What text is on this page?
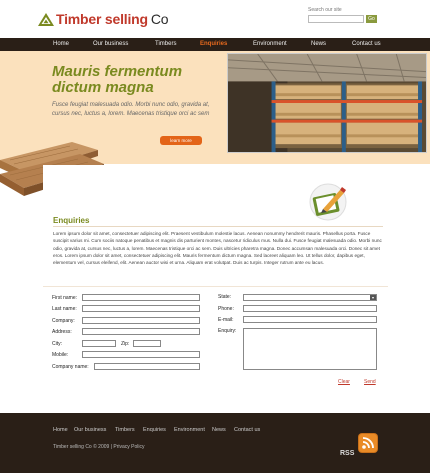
Timber selling Co
Search our site
Go
Home	Our business	Timbers	Enquiries	Environment	News	Contact us
Mauris fermentum dictum magna
Fusce feugiat malesuada odio. Morbi nunc odio, gravida at, cursus nec, luctus a, lorem. Maecenas tristique orci ac sem
learn more
Enquiries
Lorem ipsum dolor sit amet, consectetuer adipiscing elit. Praesent vestibulum molestie lacus. Aenean nonummy hendrerit mauris. Phasellus porta. Fusce suscipit varius mi. Cum sociis natoque penatibus et magnis dis parturient montes, nascetur ridiculus mus. Nulla dui. Fusce feugiat malesuada odio. Morbi nunc odio, gravida at, cursus nec, luctus a, lorem. Maecenas tristique orci ac sem. Duis ultricies pharetra magna. Donec accumsan malesuada orci. Donec sit amet eros. Lorem ipsum dolor sit amet, consectetuer adipiscing elit. Mauris fermentum dictum magna. Sed laoreet aliquam leo. Ut tellus dolor, dapibus eget, elementum vel, cursus eleifend, elit. Aenean auctor wisi et urna. Aliquam erat volutpat. Duis ac turpis. Integer rutrum ante eu lacus.
First name:
Last name:
Company:
Address:
City:	Zip:
Mobile:
Company name:
State:	▾
Phone:
E-mail:
Enquiry:
Clear	Send
Home Our business Timbers Enquiries Environment News Contact us
Timber selling Co © 2009 | Privacy Policy
RSS
